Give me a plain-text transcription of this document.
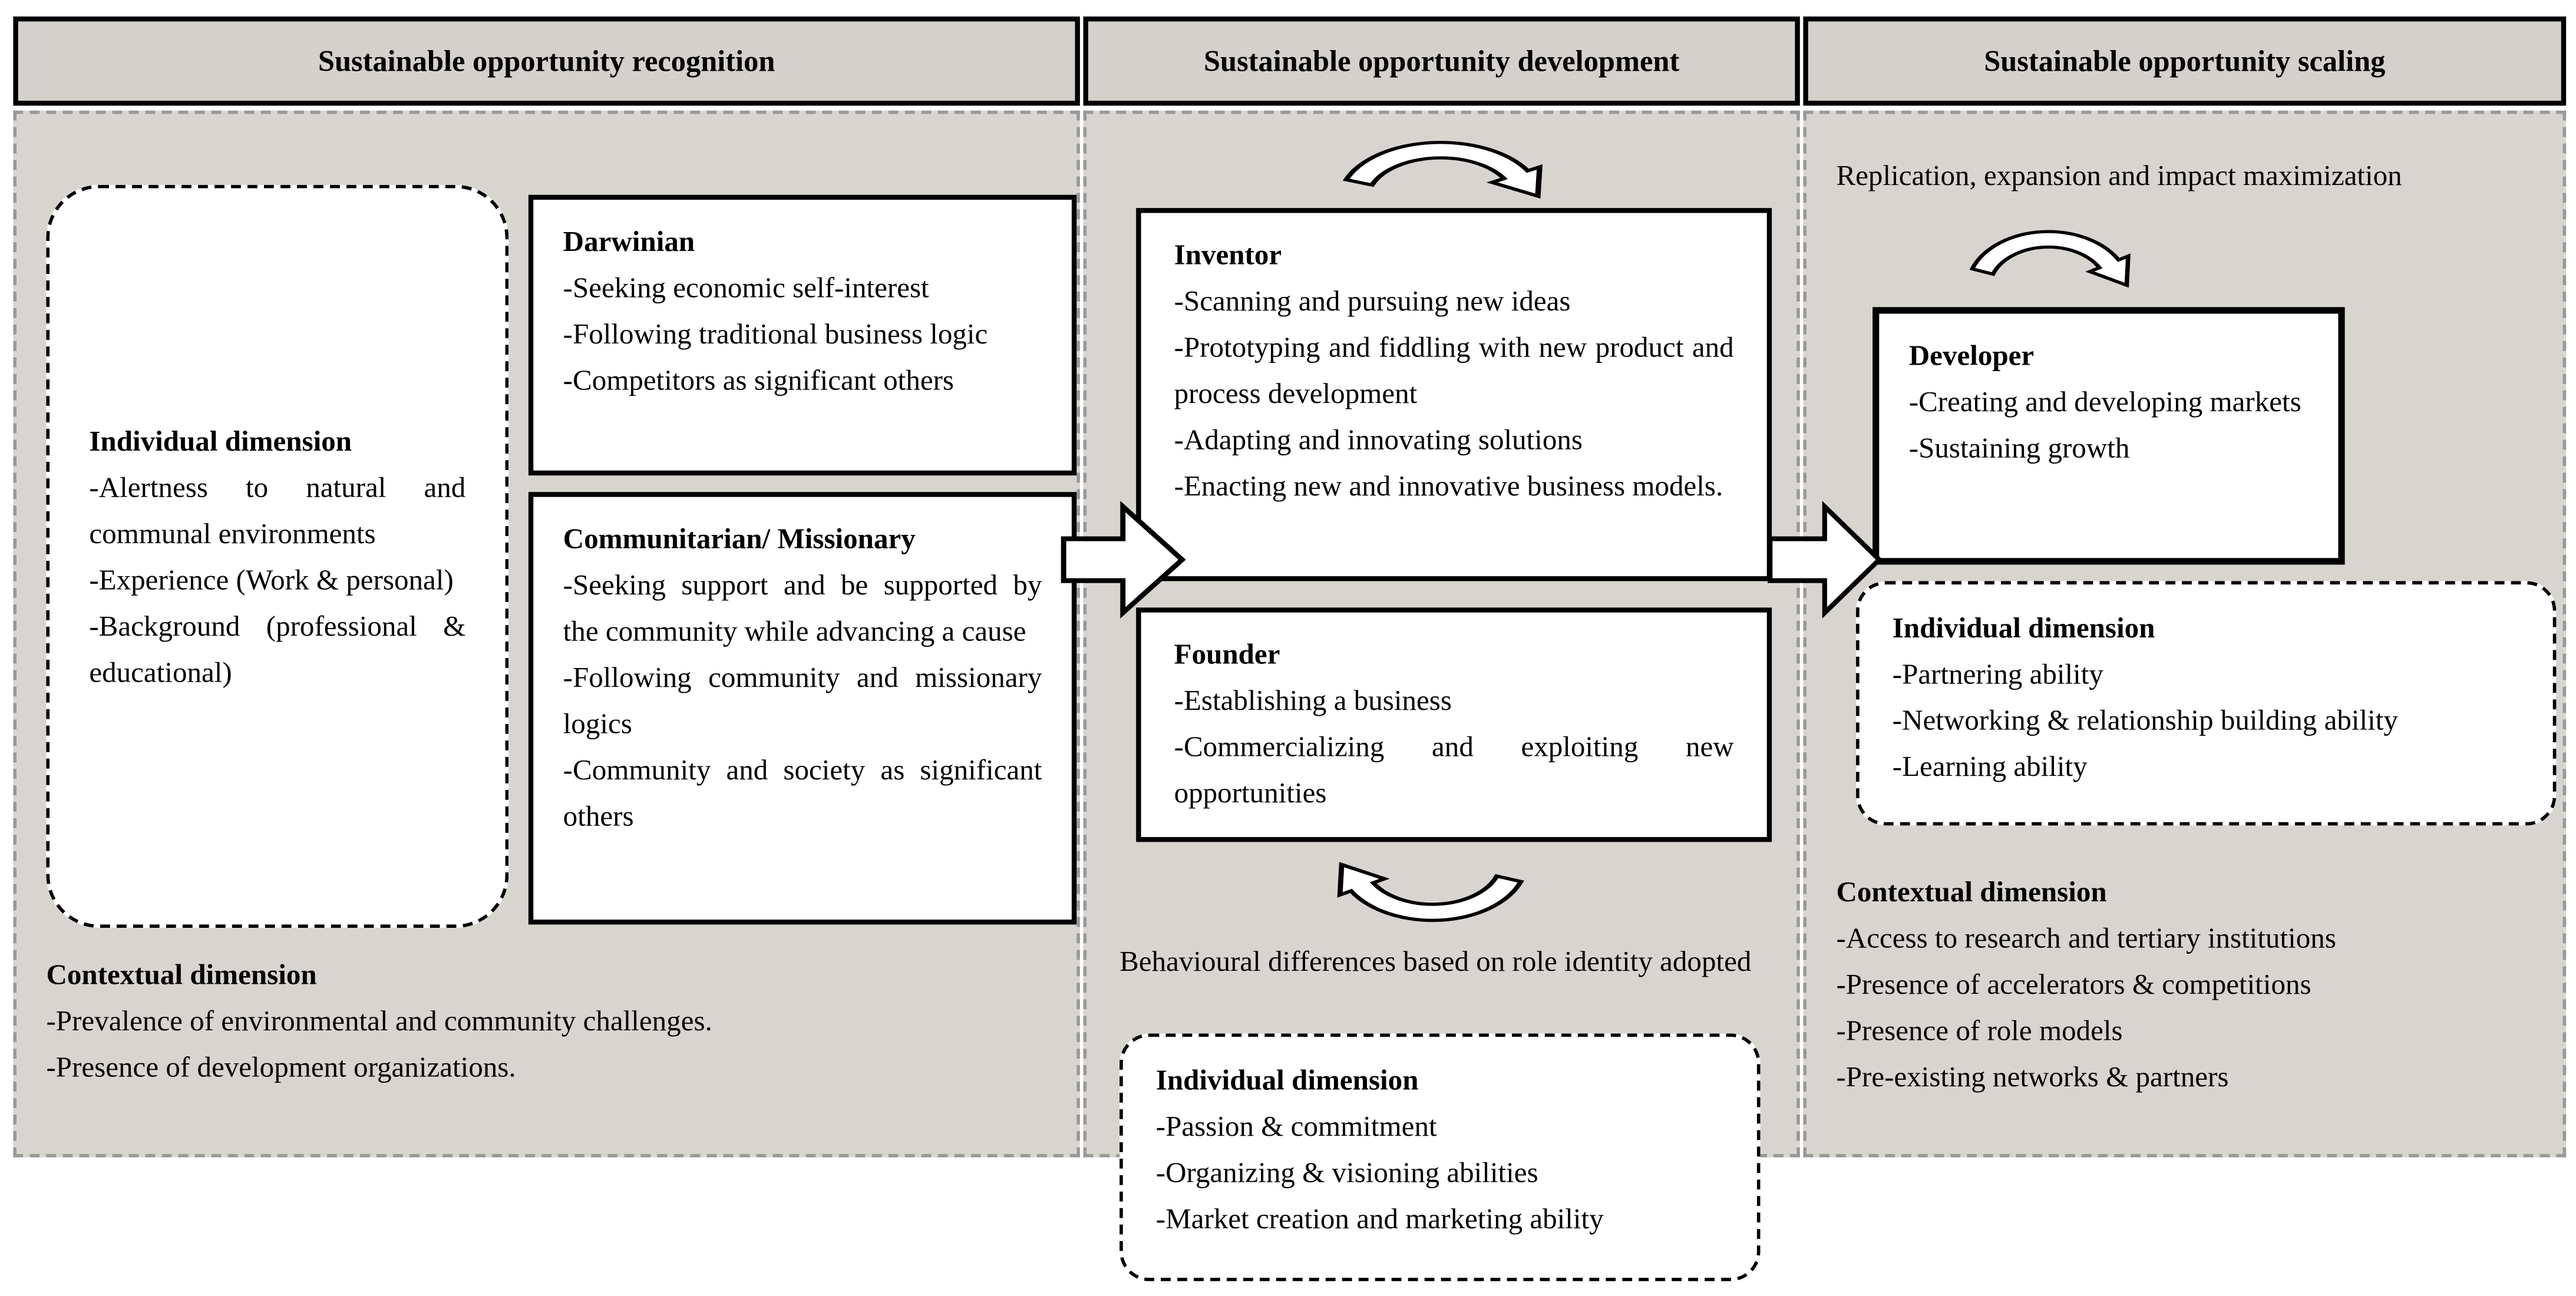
Sustainable opportunity recognition	Sustainable opportunity development	Sustainable opportunity scaling
Individual dimension
-Alertness to natural and communal environments
-Experience (Work & personal)
-Background (professional & educational)
Darwinian
-Seeking economic self-interest
-Following traditional business logic
-Competitors as significant others
Communitarian/ Missionary
-Seeking support and be supported by the community while advancing a cause
-Following community and missionary logics
-Community and society as significant others
Contextual dimension
-Prevalence of environmental and community challenges.
-Presence of development organizations.
Inventor
-Scanning and pursuing new ideas
-Prototyping and fiddling with new product and process development
-Adapting and innovating solutions
-Enacting new and innovative business models.
Founder
-Establishing a business
-Commercializing and exploiting new opportunities
Behavioural differences based on role identity adopted
Individual dimension
-Passion & commitment
-Organizing & visioning abilities
-Market creation and marketing ability
Replication, expansion and impact maximization
Developer
-Creating and developing markets
-Sustaining growth
Individual dimension
-Partnering ability
-Networking & relationship building ability
-Learning ability
Contextual dimension
-Access to research and tertiary institutions
-Presence of accelerators & competitions
-Presence of role models
-Pre-existing networks & partners
